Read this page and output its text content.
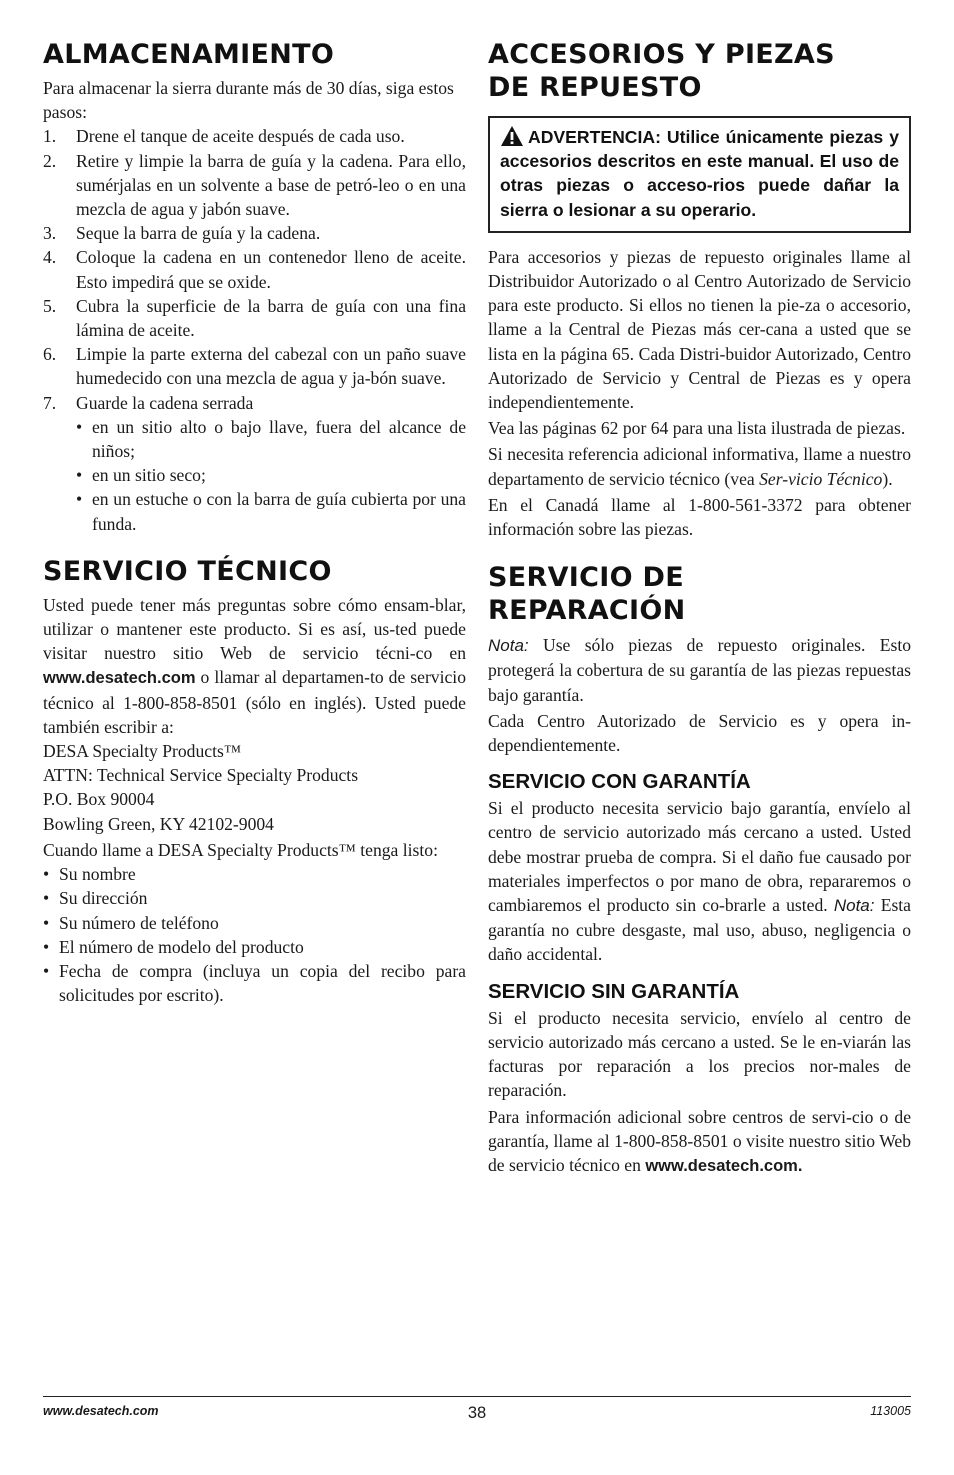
ALMACENAMIENTO

Para almacenar la sierra durante más de 30 días, siga estos pasos:

1. Drene el tanque de aceite después de cada uso.
2. Retire y limpie la barra de guía y la cadena. Para ello, sumérjalas en un solvente a base de petró-leo o en una mezcla de agua y jabón suave.
3. Seque la barra de guía y la cadena.
4. Coloque la cadena en un contenedor lleno de aceite. Esto impedirá que se oxide.
5. Cubra la superficie de la barra de guía con una fina lámina de aceite.
6. Limpie la parte externa del cabezal con un paño suave humedecido con una mezcla de agua y ja-bón suave.
7. Guarde la cadena serrada
• en un sitio alto o bajo llave, fuera del alcance de niños;
• en un sitio seco;
• en un estuche o con la barra de guía cubierta por una funda.
SERVICIO TÉCNICO

Usted puede tener más preguntas sobre cómo ensam-blar, utilizar o mantener este producto. Si es así, us-ted puede visitar nuestro sitio Web de servicio técni-co en www.desatech.com o llamar al departamen-to de servicio técnico al 1-800-858-8501 (sólo en inglés). Usted puede también escribir a:

DESA Specialty Products™

ATTN: Technical Service Specialty Products

P.O. Box 90004

Bowling Green, KY 42102-9004

Cuando llame a DESA Specialty Products™ tenga listo:

• Su nombre
• Su dirección
• Su número de teléfono
• El número de modelo del producto
• Fecha de compra (incluya un copia del recibo para solicitudes por escrito).
ACCESORIOS Y PIEZAS
DE REPUESTO
ADVERTENCIA: Utilice únicamente piezas y accesorios descritos en este manual. El uso de otras piezas o acceso-rios puede dañar la sierra o lesionar a su operario.

Para accesorios y piezas de repuesto originales llame al Distribuidor Autorizado o al Centro Autorizado de Servicio para este producto. Si ellos no tienen la pie-za o accesorio, llame a la Central de Piezas más cer-cana a usted que se lista en la página 65. Cada Distri-buidor Autorizado, Centro Autorizado de Servicio y Central de Piezas es y opera independientemente.

Vea las páginas 62 por 64 para una lista ilustrada de piezas.

Si necesita referencia adicional informativa, llame a nuestro departamento de servicio técnico (vea Ser-vicio Técnico).

En el Canadá llame al 1-800-561-3372 para obtener información sobre las piezas.

SERVICIO DE
REPARACIÓN

Nota: Use sólo piezas de repuesto originales. Esto protegerá la cobertura de su garantía de las piezas repuestas bajo garantía.

Cada Centro Autorizado de Servicio es y opera in-dependientemente.

SERVICIO CON GARANTÍA

Si el producto necesita servicio bajo garantía, envíelo al centro de servicio autorizado más cercano a usted. Usted debe mostrar prueba de compra. Si el daño fue causado por materiales imperfectos o por mano de obra, repararemos o cambiaremos el producto sin co-brarle a usted. Nota: Esta garantía no cubre desgaste, mal uso, abuso, negligencia o daño accidental.

SERVICIO SIN GARANTÍA

Si el producto necesita servicio, envíelo al centro de servicio autorizado más cercano a usted. Se le en-viarán las facturas por reparación a los precios nor-males de reparación.

Para información adicional sobre centros de servi-cio o de garantía, llame al 1-800-858-8501 o visite nuestro sitio Web de servicio técnico en www.desatech.com.

www.desatech.com	38	113005
